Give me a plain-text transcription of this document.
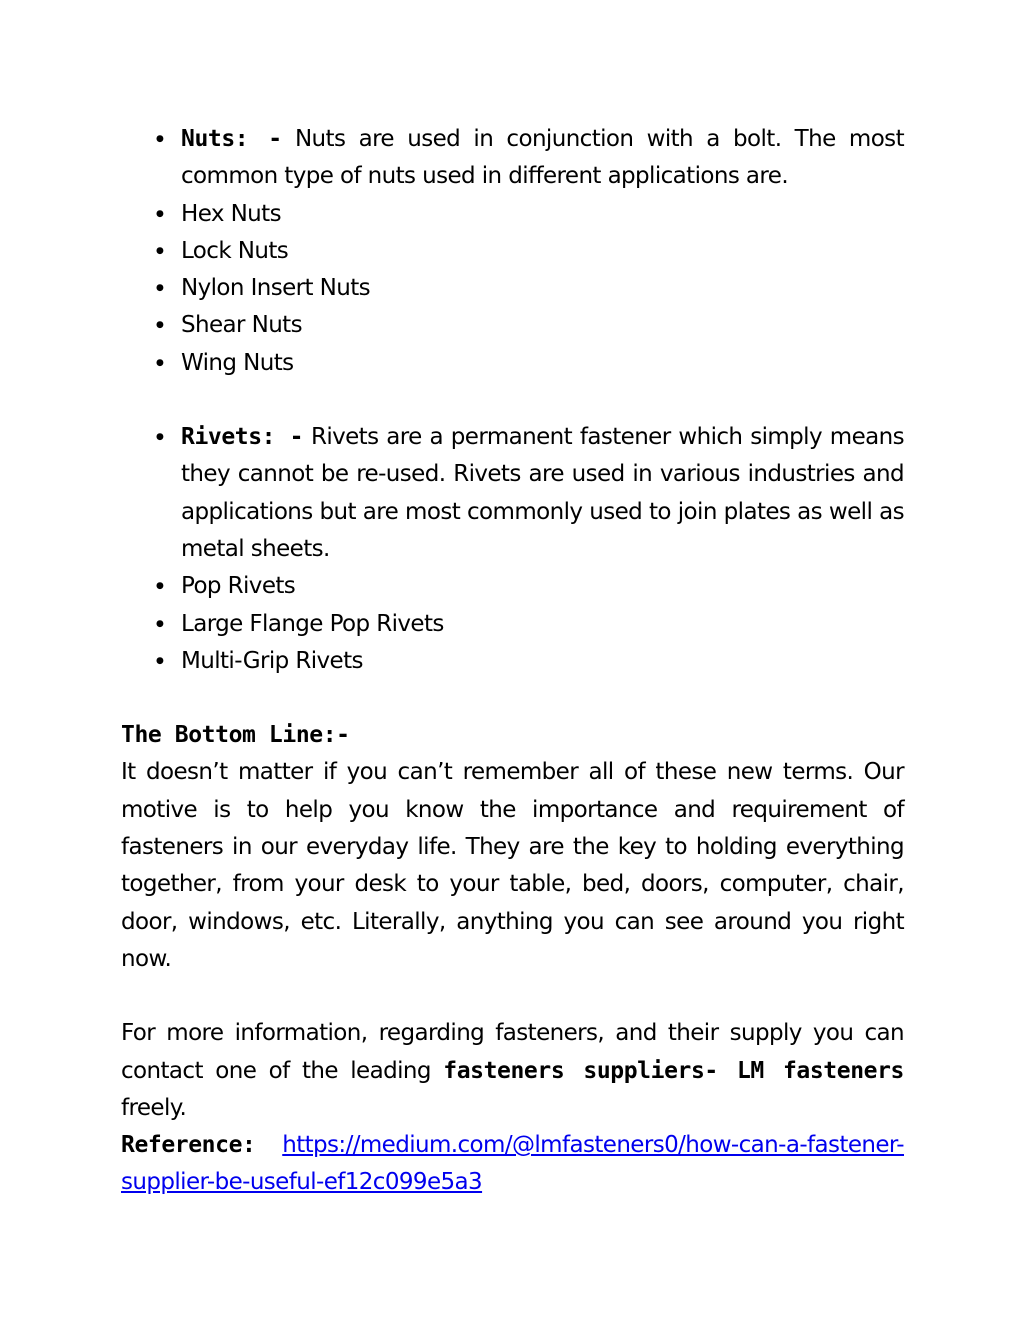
● Nuts: - Nuts are used in conjunction with a bolt. The most common type of nuts used in different applications are.
● Hex Nuts
● Lock Nuts
● Nylon Insert Nuts
● Shear Nuts
● Wing Nuts
● Rivets: - Rivets are a permanent fastener which simply means they cannot be re-used. Rivets are used in various industries and applications but are most commonly used to join plates as well as metal sheets.
● Pop Rivets
● Large Flange Pop Rivets
● Multi-Grip Rivets

The Bottom Line:-

It doesn’t matter if you can’t remember all of these new terms. Our motive is to help you know the importance and requirement of fasteners in our everyday life. They are the key to holding everything together, from your desk to your table, bed, doors, computer, chair, door, windows, etc. Literally, anything you can see around you right now.

For more information, regarding fasteners, and their supply you can contact one of the leading fasteners suppliers- LM fasteners freely.

Reference: https://medium.com/@lmfasteners0/how-can-a-fastener-supplier-be-useful-ef12c099e5a3
